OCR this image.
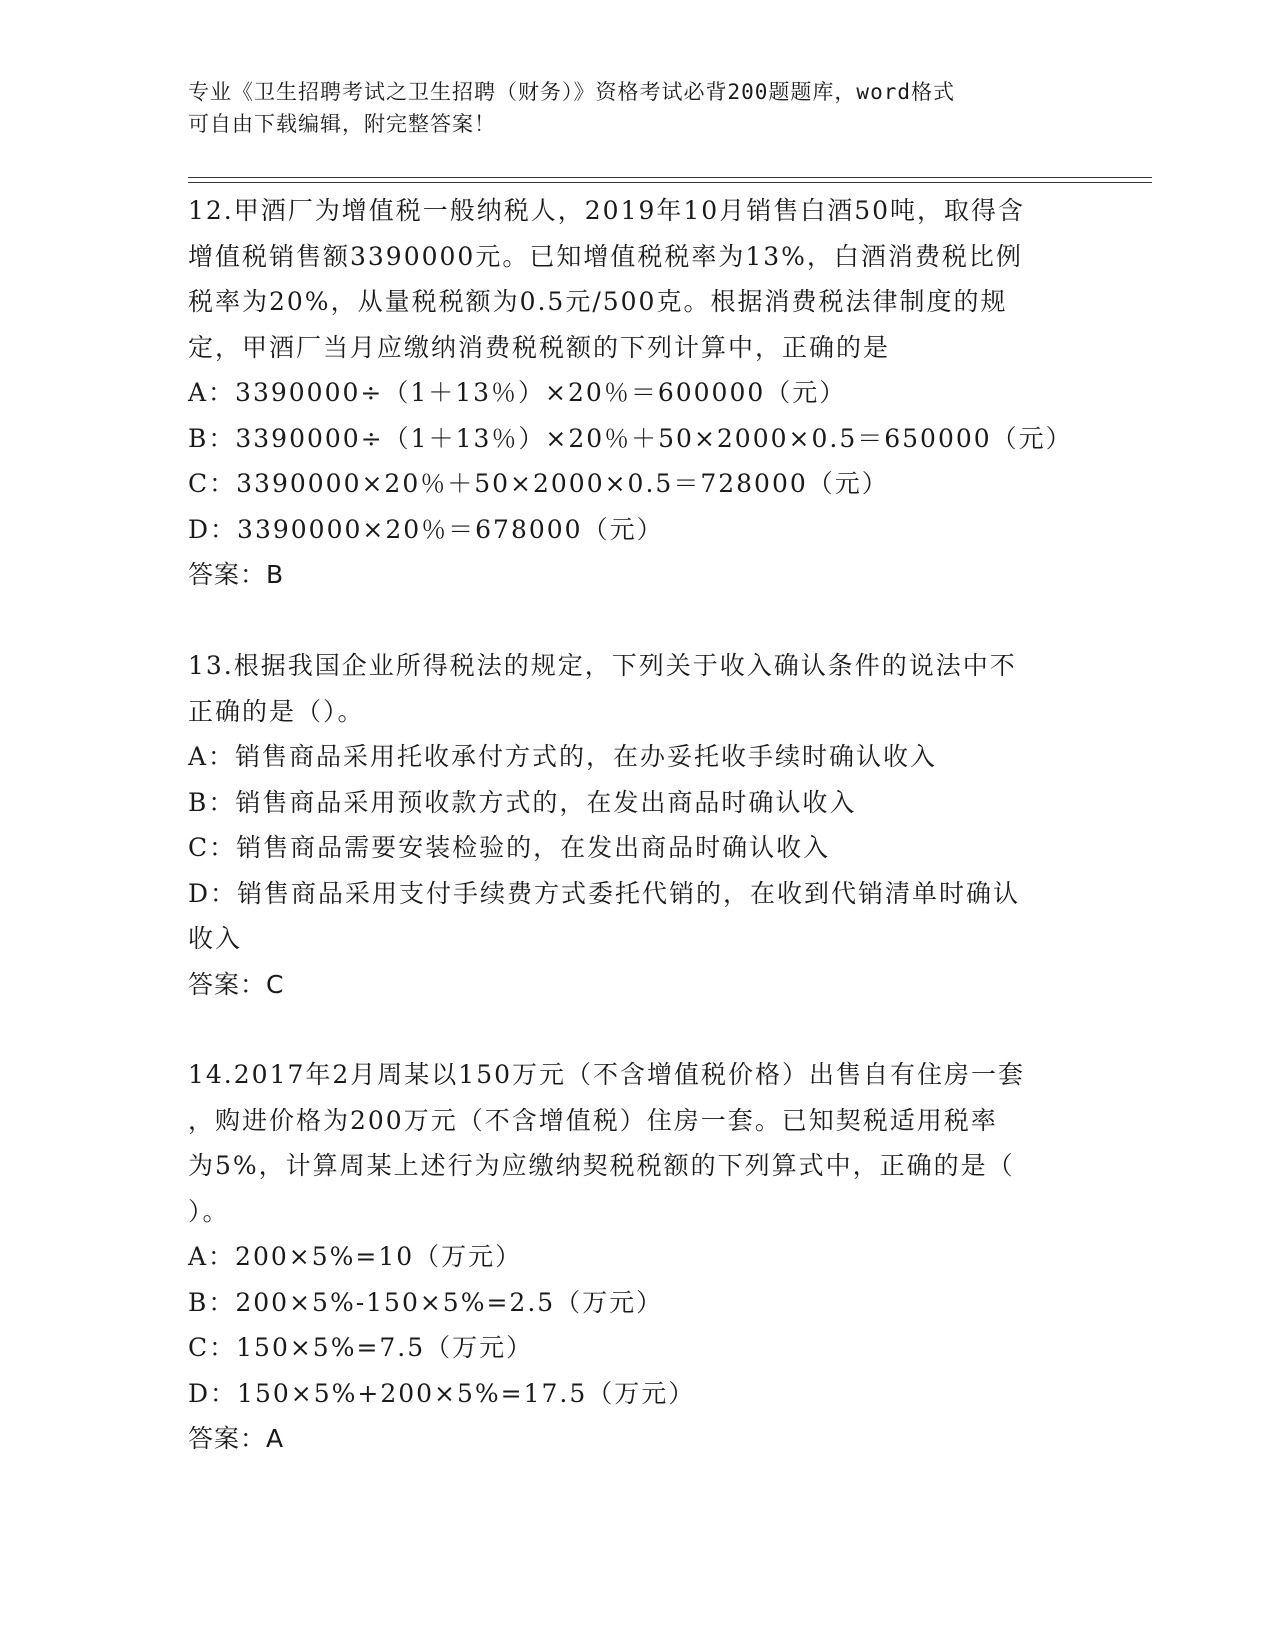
专业《卫生招聘考试之卫生招聘（财务）》资格考试必背200题题库，word格式
可自由下载编辑，附完整答案！

12.甲酒厂为增值税一般纳税人，2019年10月销售白酒50吨，取得含

增值税销售额3390000元。已知增值税税率为13%，白酒消费税比例

税率为20%，从量税税额为0.5元/500克。根据消费税法律制度的规

定，甲酒厂当月应缴纳消费税税额的下列计算中，正确的是

A：3390000÷（1＋13％）×20％＝600000（元）

B：3390000÷（1＋13％）×20％＋50×2000×0.5＝650000（元）

C：3390000×20％＋50×2000×0.5＝728000（元）

D：3390000×20％＝678000（元）

答案：B

13.根据我国企业所得税法的规定，下列关于收入确认条件的说法中不

正确的是（）。

A：销售商品采用托收承付方式的，在办妥托收手续时确认收入

B：销售商品采用预收款方式的，在发出商品时确认收入

C：销售商品需要安装检验的，在发出商品时确认收入

D：销售商品采用支付手续费方式委托代销的，在收到代销清单时确认

收入

答案：C

14.2017年2月周某以150万元（不含增值税价格）出售自有住房一套

，购进价格为200万元（不含增值税）住房一套。已知契税适用税率

为5%，计算周某上述行为应缴纳契税税额的下列算式中，正确的是（

）。

A：200×5%=10（万元）

B：200×5%-150×5%=2.5（万元）

C：150×5%=7.5（万元）

D：150×5%+200×5%=17.5（万元）

答案：A
